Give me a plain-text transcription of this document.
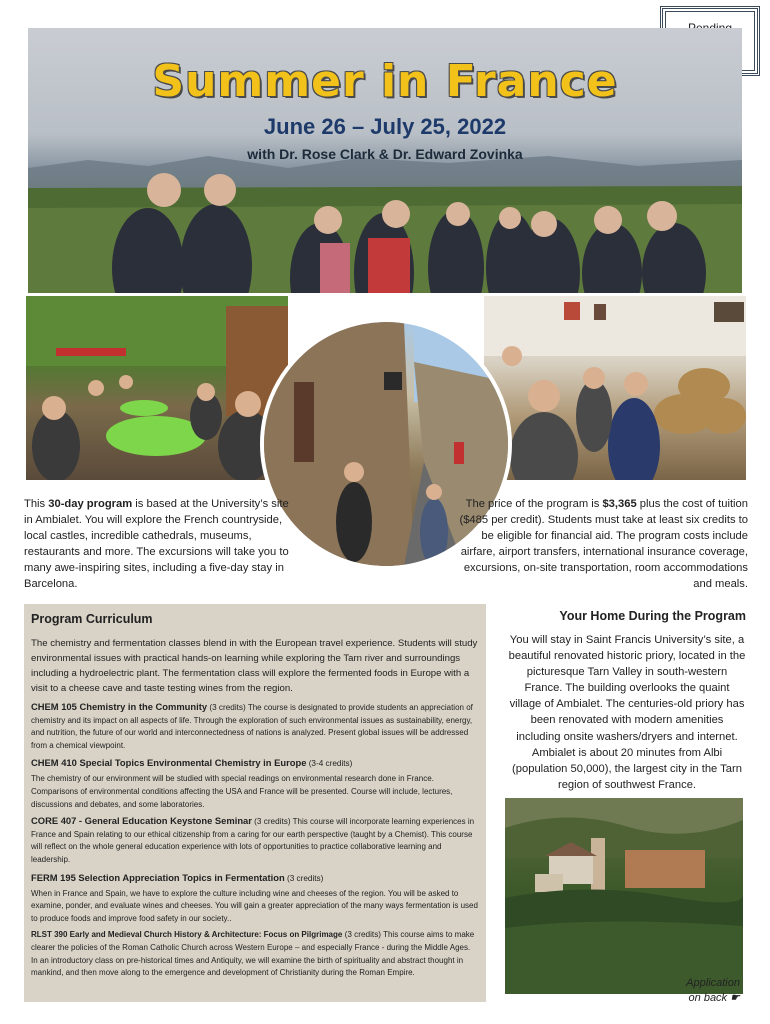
Summer in France
June 26 – July 25, 2022
with Dr. Rose Clark & Dr. Edward Zovinka
This 30-day program is based at the University’s site in Ambialet. You will explore the French countryside, local castles, incredible cathedrals, museums, restaurants and more. The excursions will take you to many awe-inspiring sites, including a five-day stay in Barcelona.
The price of the program is $3,365 plus the cost of tuition ($485 per credit). Students must take at least six credits to be eligible for financial aid. The program costs include airfare, airport transfers, international insurance coverage, excursions, on-site transportation, room accommodations and meals.
Program Curriculum
The chemistry and fermentation classes blend in with the European travel experience. Students will study environmental issues with practical hands-on learning while exploring the Tarn river and surroundings including a hydroelectric plant. The fermentation class will explore the fermented foods in Europe with a visit to a cheese cave and taste testing wines from the region.
CHEM 105 Chemistry in the Community (3 credits) The course is designated to provide students an appreciation of chemistry and its impact on all aspects of life. Through the exploration of such environmental issues as sustainability, energy, and nutrition, the future of our world and interconnectedness of nations is analyzed. Present global issues will be addressed from a chemical viewpoint.
CHEM 410 Special Topics Environmental Chemistry in Europe (3-4 credits)
The chemistry of our environment will be studied with special readings on environmental research done in France. Comparisons of environmental conditions affecting the USA and France will be presented. Course will include, lectures, discussions and debates, and some laboratories.
CORE 407 - General Education Keystone Seminar (3 credits) This course will incorporate learning experiences in France and Spain relating to our ethical citizenship from a caring for our earth perspective (taught by a Chemist). This course will reflect on the whole general education experience with lots of opportunities to practice collaborative learning and leadership.
FERM 195 Selection Appreciation Topics in Fermentation (3 credits)
When in France and Spain, we have to explore the culture including wine and cheeses of the region. You will be asked to examine, ponder, and evaluate wines and cheeses. You will gain a greater appreciation of the many ways fermentation is used to produce foods and improve food safety in our society..
RLST 390 Early and Medieval Church History & Architecture: Focus on Pilgrimage (3 credits) This course aims to make clearer the policies of the Roman Catholic Church across Western Europe – and especially France - during the Middle Ages. In an introductory class on pre-historical times and Antiquity, we will examine the birth of spirituality and abstract thought in mankind, and then move along to the emergence and development of Christianity during the Roman Empire.
Your Home During the Program
You will stay in Saint Francis University’s site, a beautiful renovated historic priory, located in the picturesque Tarn Valley in south-western France. The building overlooks the quaint village of Ambialet. The centuries-old priory has been renovated with modern amenities including onsite washers/dryers and internet. Ambialet is about 20 minutes from Albi (population 50,000), the largest city in the Tarn region of southwest France.
Application
on back ☛
